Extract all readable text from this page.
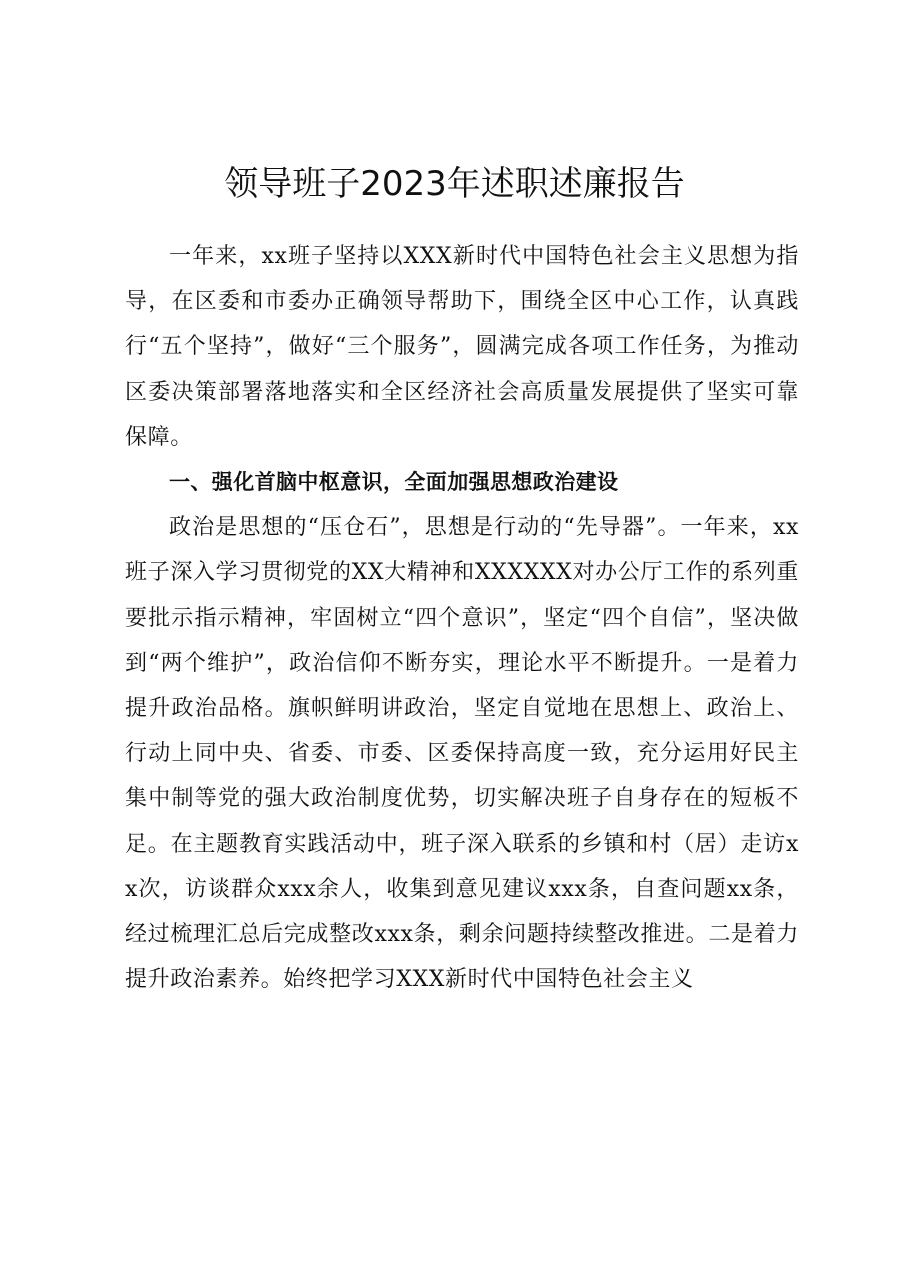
领导班子2023年述职述廉报告

一年来，xx班子坚持以XXX新时代中国特色社会主义思想为指导，在区委和市委办正确领导帮助下，围绕全区中心工作，认真践行“五个坚持”，做好“三个服务”，圆满完成各项工作任务，为推动区委决策部署落地落实和全区经济社会高质量发展提供了坚实可靠保障。

一、强化首脑中枢意识，全面加强思想政治建设

政治是思想的“压仓石”，思想是行动的“先导器”。一年来，xx班子深入学习贯彻党的XX大精神和XXXXXX对办公厅工作的系列重要批示指示精神，牢固树立“四个意识”，坚定“四个自信”，坚决做到“两个维护”，政治信仰不断夯实，理论水平不断提升。一是着力提升政治品格。旗帜鲜明讲政治，坚定自觉地在思想上、政治上、行动上同中央、省委、市委、区委保持高度一致，充分运用好民主集中制等党的强大政治制度优势，切实解决班子自身存在的短板不足。在主题教育实践活动中，班子深入联系的乡镇和村（居）走访xx次，访谈群众xxx余人，收集到意见建议xxx条，自查问题xx条，经过梳理汇总后完成整改xxx条，剩余问题持续整改推进。二是着力提升政治素养。始终把学习XXX新时代中国特色社会主义
